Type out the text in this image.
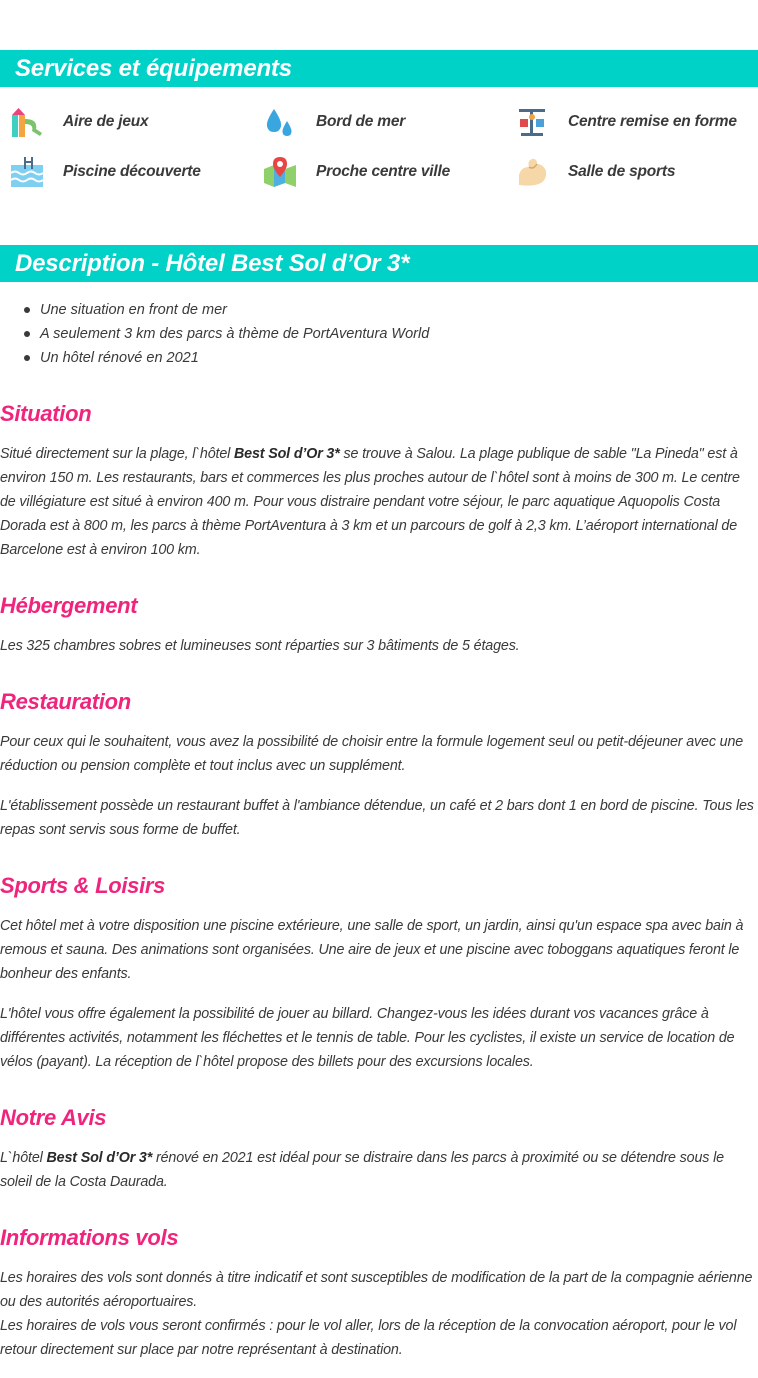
Services et équipements
Aire de jeux	Bord de mer	Centre remise en forme
Piscine découverte	Proche centre ville	Salle de sports
Description - Hôtel Best Sol d’Or 3*
Une situation en front de mer
A seulement 3 km des parcs à thème de PortAventura World
Un hôtel rénové en 2021
Situation
Situé directement sur la plage, l`hôtel Best Sol d’Or 3* se trouve à Salou. La plage publique de sable "La Pineda" est à environ 150 m. Les restaurants, bars et commerces les plus proches autour de l`hôtel sont à moins de 300 m. Le centre de villégiature est situé à environ 400 m. Pour vous distraire pendant votre séjour, le parc aquatique Aquopolis Costa Dorada est à 800 m, les parcs à thème PortAventura à 3 km et un parcours de golf à 2,3 km. L’aéroport international de Barcelone est à environ 100 km.
Hébergement
Les 325 chambres sobres et lumineuses sont réparties sur 3 bâtiments de 5 étages.
Restauration
Pour ceux qui le souhaitent, vous avez la possibilité de choisir entre la formule logement seul ou petit-déjeuner avec une réduction ou pension complète et tout inclus avec un supplément.
L'établissement possède un restaurant buffet à l'ambiance détendue, un café et 2 bars dont 1 en bord de piscine. Tous les repas sont servis sous forme de buffet.
Sports & Loisirs
Cet hôtel met à votre disposition une piscine extérieure, une salle de sport, un jardin, ainsi qu'un espace spa avec bain à remous et sauna. Des animations sont organisées. Une aire de jeux et une piscine avec toboggans aquatiques feront le bonheur des enfants.
L'hôtel vous offre également la possibilité de jouer au billard. Changez-vous les idées durant vos vacances grâce à différentes activités, notamment les fléchettes et le tennis de table. Pour les cyclistes, il existe un service de location de vélos (payant). La réception de l`hôtel propose des billets pour des excursions locales.
Notre Avis
L`hôtel Best Sol d’Or 3* rénové en 2021 est idéal pour se distraire dans les parcs à proximité ou se détendre sous le soleil de la Costa Daurada.
Informations vols
Les horaires des vols sont donnés à titre indicatif et sont susceptibles de modification de la part de la compagnie aérienne ou des autorités aéroportuaires.
Les horaires de vols vous seront confirmés : pour le vol aller, lors de la réception de la convocation aéroport, pour le vol retour directement sur place par notre représentant à destination.
